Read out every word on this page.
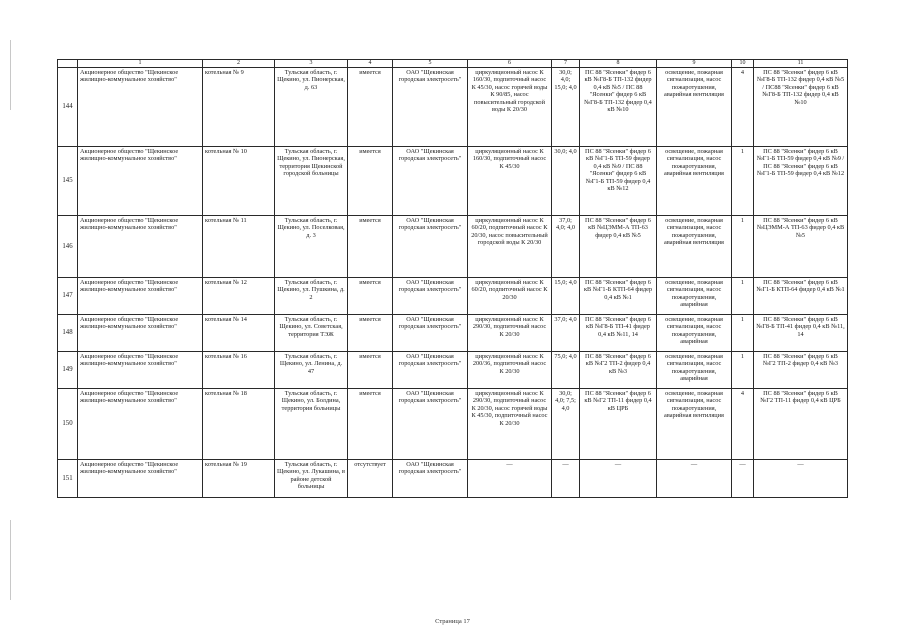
	1	2	3	4	5	6	7	8	9	10	11
144	Акционерное общество "Щекинское жилищно-коммунальное хозяйство"	котельная № 9	Тульская область, г. Щекино, ул. Пионерская, д. 63	имеется	ОАО "Щекинская городская электросеть"	циркуляционный насос К 160/30, подпиточный насос К 45/30, насос горячей воды К 90/85, насос повысительный городской воды К 20/30	30,0; 4,0; 15,0; 4,0	ПС 88 "Ясенки" фидер 6 кВ №Г8-Б ТП-132 фидер 0,4 кВ №5 / ПС 88 "Ясенки" фидер 6 кВ №Г8-Б ТП-132 фидер 0,4 кВ №10	освещение, пожарная сигнализация, насос пожаротушения, аварийная вентиляция	4	ПС 88 "Ясенки" фидер 6 кВ №Г8-Б ТП-132 фидер 0,4 кВ №5 / ПС88 "Ясенки" фидер 6 кВ №Г8-Б ТП-132 фидер 0,4 кВ №10
145	Акционерное общество "Щекинское жилищно-коммунальное хозяйство"	котельная № 10	Тульская область, г. Щекино, ул. Пионерская, территория Щекинской городской больницы	имеется	ОАО "Щекинская городская электросеть"	циркуляционный насос К 160/30, подпиточный насос К 45/30	30,0; 4,0	ПС 88 "Ясенки" фидер 6 кВ №Г1-Б ТП-59 фидер 0,4 кВ №9 / ПС 88 "Ясенки" фидер 6 кВ №Г1-Б ТП-59 фидер 0,4 кВ №12	освещение, пожарная сигнализация, насос пожаротушения, аварийная вентиляция	1	ПС 88 "Ясенки" фидер 6 кВ №Г1-Б ТП-59 фидер 0,4 кВ №9 / ПС 88 "Ясенки" фидер 6 кВ №Г1-Б ТП-59 фидер 0,4 кВ №12
146	Акционерное общество "Щекинское жилищно-коммунальное хозяйство"	котельная № 11	Тульская область, г. Щекино, ул. Поселковая, д. 3	имеется	ОАО "Щекинская городская электросеть"	циркуляционный насос К 60/20, подпиточный насос К 20/30, насос повысительный городской воды К 20/30	37,0; 4,0; 4,0	ПС 88 "Ясенки" фидер 6 кВ №ЦЭММ-А ТП-63 фидер 0,4 кВ №5	освещение, пожарная сигнализация, насос пожаротушения, аварийная вентиляция	1	ПС 88 "Ясенки" фидер 6 кВ №ЦЭММ-А ТП-63 фидер 0,4 кВ №5
147	Акционерное общество "Щекинское жилищно-коммунальное хозяйство"	котельная № 12	Тульская область, г. Щекино, ул. Пушкина, д. 2	имеется	ОАО "Щекинская городская электросеть"	циркуляционный насос К 60/20, подпиточный насос К 20/30	15,0; 4,0	ПС 88 "Ясенки" фидер 6 кВ №Г1-Б КТП-64 фидер 0,4 кВ №1	освещение, пожарная сигнализация, насос пожаротушения, аварийная	1	ПС 88 "Ясенки" фидер 6 кВ №Г1-Б КТП-64 фидер 0,4 кВ №1
148	Акционерное общество "Щекинское жилищно-коммунальное хозяйство"	котельная № 14	Тульская область, г. Щекино, ул. Советская, территория ТЭЖ	имеется	ОАО "Щекинская городская электросеть"	циркуляционный насос К 290/30, подпиточный насос К 20/30	37,0; 4,0	ПС 88 "Ясенки" фидер 6 кВ №Г8-Б ТП-41 фидер 0,4 кВ №11, 14	освещение, пожарная сигнализация, насос пожаротушения, аварийная	1	ПС 88 "Ясенки" фидер 6 кВ №Г8-Б ТП-41 фидер 0,4 кВ №11, 14
149	Акционерное общество "Щекинское жилищно-коммунальное хозяйство"	котельная № 16	Тульская область, г. Щекино, ул. Ленина, д. 47	имеется	ОАО "Щекинская городская электросеть"	циркуляционный насос К 200/36, подпиточный насос К 20/30	75,0; 4,0	ПС 88 "Ясенки" фидер 6 кВ №Г2 ТП-2 фидер 0,4 кВ №3	освещение, пожарная сигнализация, насос пожаротушения, аварийная	1	ПС 88 "Ясенки" фидер 6 кВ №Г2 ТП-2 фидер 0,4 кВ №3
150	Акционерное общество "Щекинское жилищно-коммунальное хозяйство"	котельная № 18	Тульская область, г. Щекино, ул. Болдина, территория больницы	имеется	ОАО "Щекинская городская электросеть"	циркуляционный насос К 290/30, подпиточный насос К 20/30, насос горячей воды К 45/30, подпиточный насос К 20/30	30,0; 4,0; 7,5; 4,0	ПС 88 "Ясенки" фидер 6 кВ №Г2 ТП-11 фидер 0,4 кВ ЦРБ	освещение, пожарная сигнализация, насос пожаротушения, аварийная вентиляция	4	ПС 88 "Ясенки" фидер 6 кВ №Г2 ТП-11 фидер 0,4 кВ ЦРБ
151	Акционерное общество "Щекинское жилищно-коммунальное хозяйство"	котельная № 19	Тульская область, г. Щекино, ул. Лукашина, в районе детской больницы	отсутствует	ОАО "Щекинская городская электросеть"	—	—	—	—	—	—
Страница 17
